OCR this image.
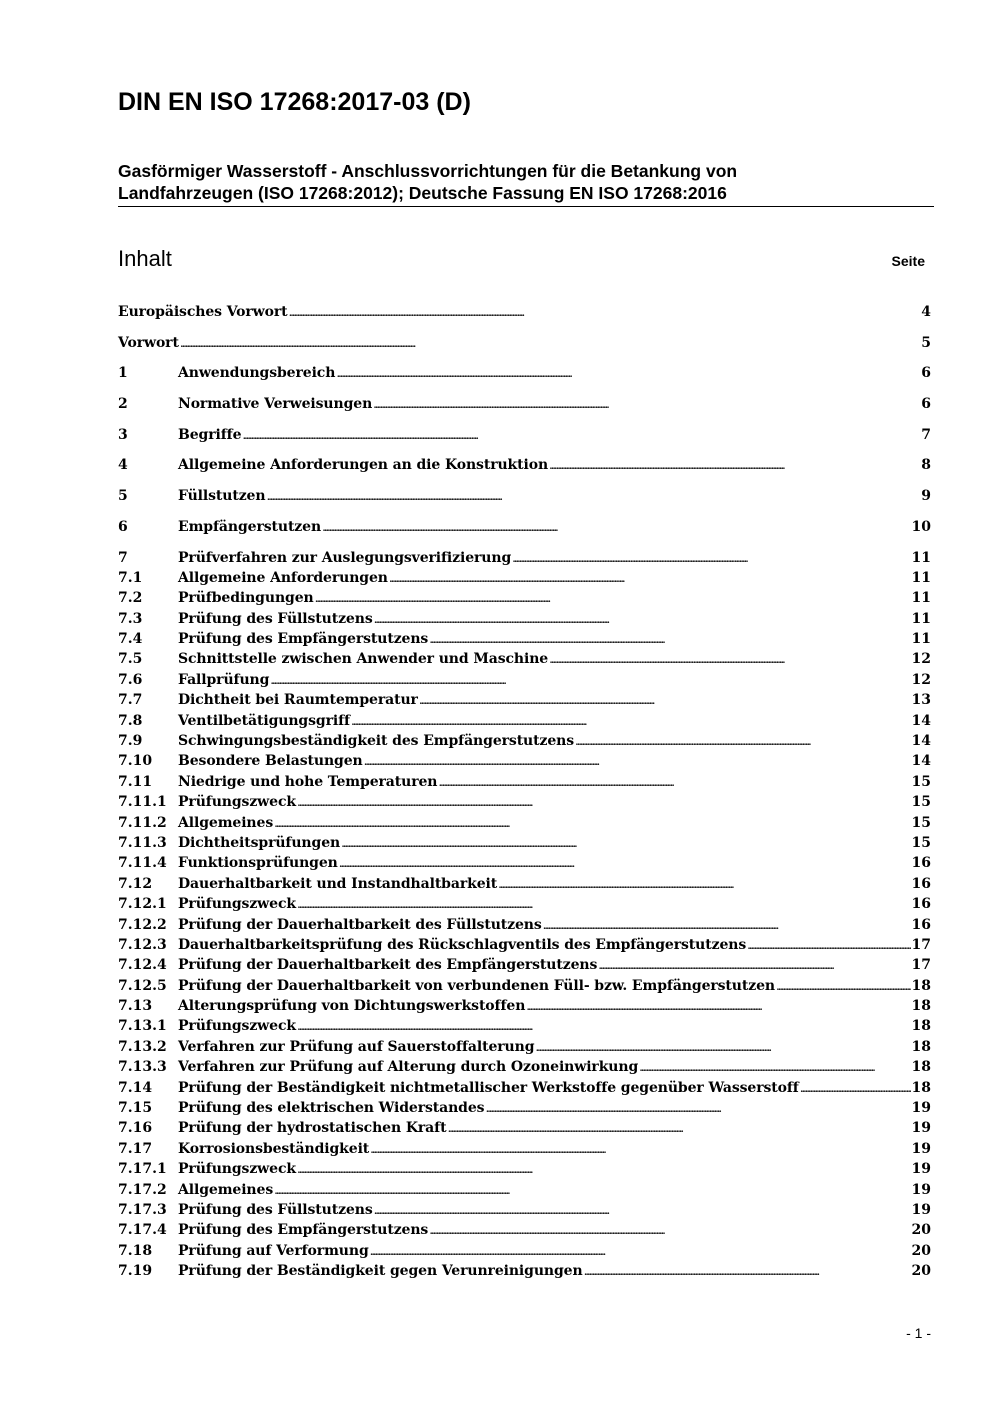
DIN EN ISO 17268:2017-03 (D)
Gasförmiger Wasserstoff - Anschlussvorrichtungen für die Betankung von
Landfahrzeugen (ISO 17268:2012); Deutsche Fassung EN ISO 17268:2016
Inhalt	Seite
Europäisches Vorwort . . .	4
Vorwort . . .	5
1	Anwendungsbereich . . .	6
2	Normative Verweisungen . . .	6
3	Begriffe . . .	7
4	Allgemeine Anforderungen an die Konstruktion . . .	8
5	Füllstutzen . . .	9
6	Empfängerstutzen . . .	10
7	Prüfverfahren zur Auslegungsverifizierung . . .	11
7.1	Allgemeine Anforderungen . . .	11
7.2	Prüfbedingungen . . .	11
7.3	Prüfung des Füllstutzens . . .	11
7.4	Prüfung des Empfängerstutzens . . .	11
7.5	Schnittstelle zwischen Anwender und Maschine . . .	12
7.6	Fallprüfung . . .	12
7.7	Dichtheit bei Raumtemperatur . . .	13
7.8	Ventilbetätigungsgriff . . .	14
7.9	Schwingungsbeständigkeit des Empfängerstutzens . . .	14
7.10	Besondere Belastungen . . .	14
7.11	Niedrige und hohe Temperaturen . . .	15
7.11.1 Prüfungszweck . . .	15
7.11.2 Allgemeines . . .	15
7.11.3 Dichtheitsprüfungen . . .	15
7.11.4 Funktionsprüfungen . . .	16
7.12	Dauerhaltbarkeit und Instandhaltbarkeit . . .	16
7.12.1 Prüfungszweck . . .	16
7.12.2 Prüfung der Dauerhaltbarkeit des Füllstutzens . . .	16
7.12.3 Dauerhaltbarkeitsprüfung des Rückschlagventils des Empfängerstutzens . . .	17
7.12.4 Prüfung der Dauerhaltbarkeit des Empfängerstutzens . . .	17
7.12.5 Prüfung der Dauerhaltbarkeit von verbundenen Füll- bzw. Empfängerstutzen . . .	18
7.13	Alterungsprüfung von Dichtungswerkstoffen . . .	18
7.13.1 Prüfungszweck . . .	18
7.13.2 Verfahren zur Prüfung auf Sauerstoffalterung . . .	18
7.13.3 Verfahren zur Prüfung auf Alterung durch Ozoneinwirkung . . .	18
7.14	Prüfung der Beständigkeit nichtmetallischer Werkstoffe gegenüber Wasserstoff . . .	18
7.15	Prüfung des elektrischen Widerstandes . . .	19
7.16	Prüfung der hydrostatischen Kraft . . .	19
7.17	Korrosionsbeständigkeit . . .	19
7.17.1 Prüfungszweck . . .	19
7.17.2 Allgemeines . . .	19
7.17.3 Prüfung des Füllstutzens . . .	19
7.17.4 Prüfung des Empfängerstutzens . . .	20
7.18	Prüfung auf Verformung . . .	20
7.19	Prüfung der Beständigkeit gegen Verunreinigungen . . .	20
- 1 -
